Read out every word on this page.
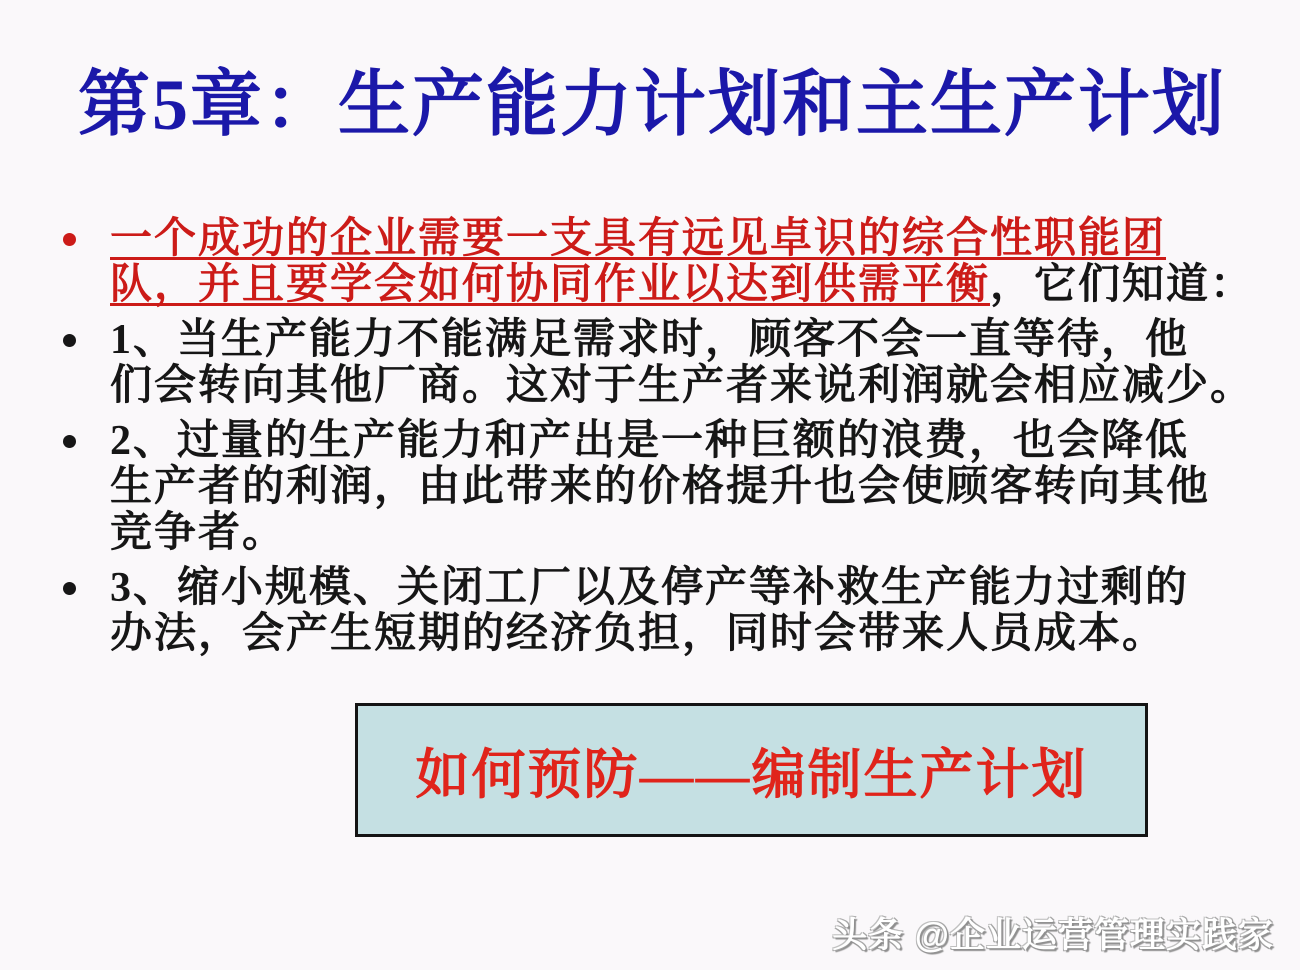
第5章：生产能力计划和主生产计划
一个成功的企业需要一支具有远见卓识的综合性职能团
队，并且要学会如何协同作业以达到供需平衡，它们知道：
1、当生产能力不能满足需求时，顾客不会一直等待，他
们会转向其他厂商。这对于生产者来说利润就会相应减少。
2、过量的生产能力和产出是一种巨额的浪费，也会降低
生产者的利润，由此带来的价格提升也会使顾客转向其他
竞争者。
3、缩小规模、关闭工厂以及停产等补救生产能力过剩的
办法，会产生短期的经济负担，同时会带来人员成本。
如何预防——编制生产计划
头条 @企业运营管理实践家
